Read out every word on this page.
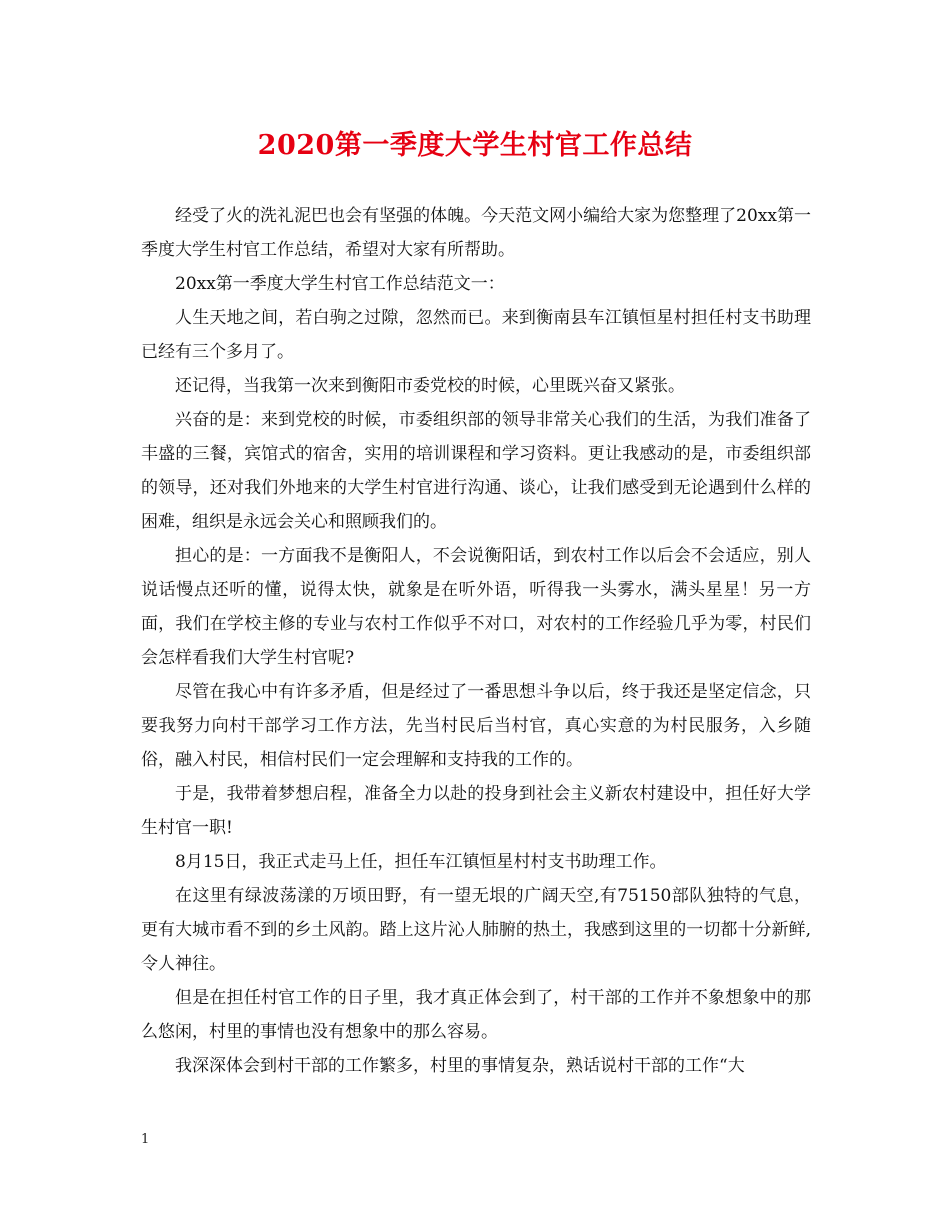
2020第一季度大学生村官工作总结

经受了火的洗礼泥巴也会有坚强的体魄。今天范文网小编给大家为您整理了20xx第一季度大学生村官工作总结，希望对大家有所帮助。

20xx第一季度大学生村官工作总结范文一：

人生天地之间，若白驹之过隙，忽然而已。来到衡南县车江镇恒星村担任村支书助理已经有三个多月了。

还记得，当我第一次来到衡阳市委党校的时候，心里既兴奋又紧张。

兴奋的是：来到党校的时候，市委组织部的领导非常关心我们的生活，为我们准备了丰盛的三餐，宾馆式的宿舍，实用的培训课程和学习资料。更让我感动的是，市委组织部的领导，还对我们外地来的大学生村官进行沟通、谈心，让我们感受到无论遇到什么样的困难，组织是永远会关心和照顾我们的。

担心的是：一方面我不是衡阳人，不会说衡阳话，到农村工作以后会不会适应，别人说话慢点还听的懂，说得太快，就象是在听外语，听得我一头雾水，满头星星！另一方面，我们在学校主修的专业与农村工作似乎不对口，对农村的工作经验几乎为零，村民们会怎样看我们大学生村官呢?

尽管在我心中有许多矛盾，但是经过了一番思想斗争以后，终于我还是坚定信念，只要我努力向村干部学习工作方法，先当村民后当村官，真心实意的为村民服务，入乡随俗，融入村民，相信村民们一定会理解和支持我的工作的。

于是，我带着梦想启程，准备全力以赴的投身到社会主义新农村建设中，担任好大学生村官一职!

8月15日，我正式走马上任，担任车江镇恒星村村支书助理工作。

在这里有绿波荡漾的万顷田野，有一望无垠的广阔天空,有75150部队独特的气息，更有大城市看不到的乡土风韵。踏上这片沁人肺腑的热土，我感到这里的一切都十分新鲜,令人神往。

但是在担任村官工作的日子里，我才真正体会到了，村干部的工作并不象想象中的那么悠闲，村里的事情也没有想象中的那么容易。

我深深体会到村干部的工作繁多，村里的事情复杂，熟话说村干部的工作“大

1
